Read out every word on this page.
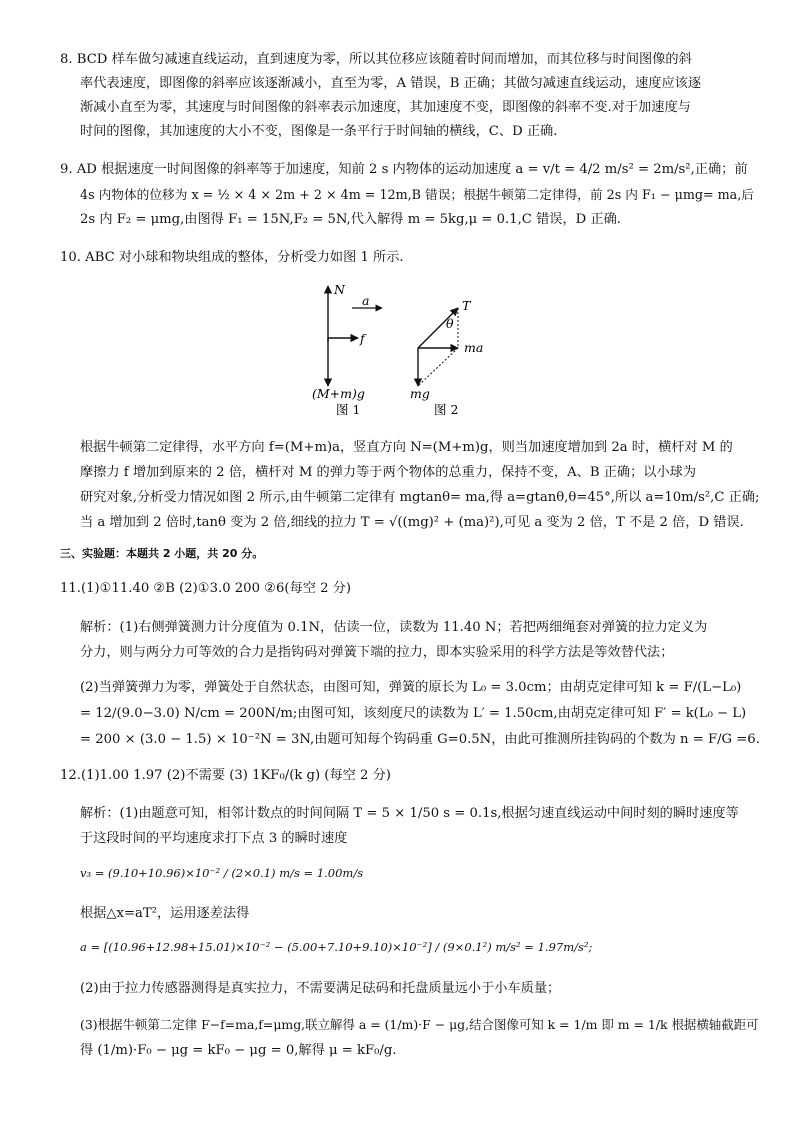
8. BCD 样车做匀减速直线运动，直到速度为零，所以其位移应该随着时间而增加，而其位移与时间图像的斜
率代表速度，即图像的斜率应该逐渐减小，直至为零，A 错误，B 正确；其做匀减速直线运动，速度应该逐
渐减小直至为零，其速度与时间图像的斜率表示加速度，其加速度不变，即图像的斜率不变.对于加速度与
时间的图像，其加速度的大小不变，图像是一条平行于时间轴的横线，C、D 正确.
9. AD 根据速度一时间图像的斜率等于加速度，知前 2 s 内物体的运动加速度 a = v/t = 4/2 m/s² = 2m/s²,正确；前
4s 内物体的位移为 x = ½ × 4 × 2m + 2 × 4m = 12m,B 错误；根据牛顿第二定律得，前 2s 内 F₁ − μmg= ma,后
2s 内 F₂ = μmg,由图得 F₁ = 15N,F₂ = 5N,代入解得 m = 5kg,μ = 0.1,C 错误，D 正确.
10. ABC 对小球和物块组成的整体，分析受力如图 1 所示.
N
a
f
(M+m)g
图 1
T
θ
ma
mg
图 2
根据牛顿第二定律得，水平方向 f=(M+m)a，竖直方向 N=(M+m)g，则当加速度增加到 2a 时，横杆对 M 的
摩擦力 f 增加到原来的 2 倍，横杆对 M 的弹力等于两个物体的总重力，保持不变，A、B 正确；以小球为
研究对象,分析受力情况如图 2 所示,由牛顿第二定律有 mgtanθ= ma,得 a=gtanθ,θ=45°,所以 a=10m/s²,C 正确;
当 a 增加到 2 倍时,tanθ 变为 2 倍,细线的拉力 T = √((mg)² + (ma)²),可见 a 变为 2 倍，T 不是 2 倍，D 错误.
三、实验题：本题共 2 小题，共 20 分。
11.(1)①11.40 ②B (2)①3.0 200 ②6(每空 2 分)
解析：(1)右侧弹簧测力计分度值为 0.1N，估读一位，读数为 11.40 N；若把两细绳套对弹簧的拉力定义为
分力，则与两分力可等效的合力是指钩码对弹簧下端的拉力，即本实验采用的科学方法是等效替代法；
(2)当弹簧弹力为零，弹簧处于自然状态，由图可知，弹簧的原长为 L₀ = 3.0cm；由胡克定律可知 k = F/(L−L₀)
= 12/(9.0−3.0) N/cm = 200N/m;由图可知，该刻度尺的读数为 L′ = 1.50cm,由胡克定律可知 F′ = k(L₀ − L)
= 200 × (3.0 − 1.5) × 10⁻²N = 3N,由题可知每个钩码重 G=0.5N，由此可推测所挂钩码的个数为 n = F/G =6.
12.(1)1.00 1.97 (2)不需要 (3) 1KF₀/(k g) (每空 2 分)
解析：(1)由题意可知，相邻计数点的时间间隔 T = 5 × 1/50 s = 0.1s,根据匀速直线运动中间时刻的瞬时速度等
于这段时间的平均速度求打下点 3 的瞬时速度
v₃ = (9.10+10.96)×10⁻² / (2×0.1) m/s = 1.00m/s
根据△x=aT²，运用逐差法得
a = [(10.96+12.98+15.01)×10⁻² − (5.00+7.10+9.10)×10⁻²] / (9×0.1²) m/s² = 1.97m/s²;
(2)由于拉力传感器测得是真实拉力，不需要满足砝码和托盘质量远小于小车质量；
(3)根据牛顿第二定律 F−f=ma,f=μmg,联立解得 a = (1/m)·F − μg,结合图像可知 k = 1/m 即 m = 1/k 根据横轴截距可
得 (1/m)·F₀ − μg = kF₀ − μg = 0,解得 μ = kF₀/g.
